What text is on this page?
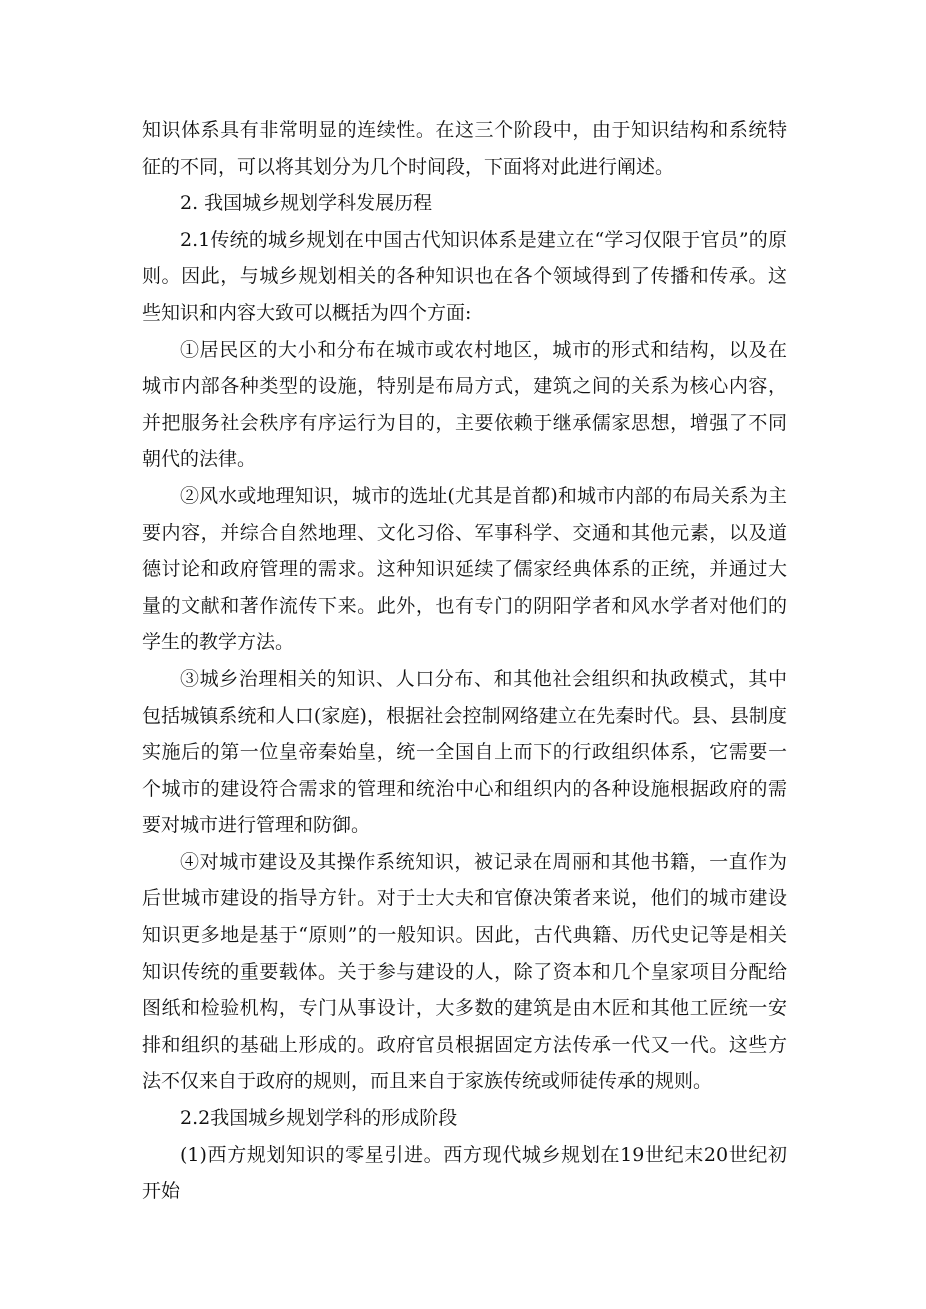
知识体系具有非常明显的连续性。在这三个阶段中，由于知识结构和系统特征的不同，可以将其划分为几个时间段，下面将对此进行阐述。

2. 我国城乡规划学科发展历程

2.1传统的城乡规划在中国古代知识体系是建立在“学习仅限于官员”的原则。因此，与城乡规划相关的各种知识也在各个领域得到了传播和传承。这些知识和内容大致可以概括为四个方面:

①居民区的大小和分布在城市或农村地区，城市的形式和结构，以及在城市内部各种类型的设施，特别是布局方式，建筑之间的关系为核心内容，并把服务社会秩序有序运行为目的，主要依赖于继承儒家思想，增强了不同朝代的法律。

②风水或地理知识，城市的选址(尤其是首都)和城市内部的布局关系为主要内容，并综合自然地理、文化习俗、军事科学、交通和其他元素，以及道德讨论和政府管理的需求。这种知识延续了儒家经典体系的正统，并通过大量的文献和著作流传下来。此外，也有专门的阴阳学者和风水学者对他们的学生的教学方法。

③城乡治理相关的知识、人口分布、和其他社会组织和执政模式，其中包括城镇系统和人口(家庭)，根据社会控制网络建立在先秦时代。县、县制度实施后的第一位皇帝秦始皇，统一全国自上而下的行政组织体系，它需要一个城市的建设符合需求的管理和统治中心和组织内的各种设施根据政府的需要对城市进行管理和防御。

④对城市建设及其操作系统知识，被记录在周丽和其他书籍，一直作为后世城市建设的指导方针。对于士大夫和官僚决策者来说，他们的城市建设知识更多地是基于“原则”的一般知识。因此，古代典籍、历代史记等是相关知识传统的重要载体。关于参与建设的人，除了资本和几个皇家项目分配给图纸和检验机构，专门从事设计，大多数的建筑是由木匠和其他工匠统一安排和组织的基础上形成的。政府官员根据固定方法传承一代又一代。这些方法不仅来自于政府的规则，而且来自于家族传统或师徒传承的规则。

2.2我国城乡规划学科的形成阶段

(1)西方规划知识的零星引进。西方现代城乡规划在19世纪末20世纪初开始
